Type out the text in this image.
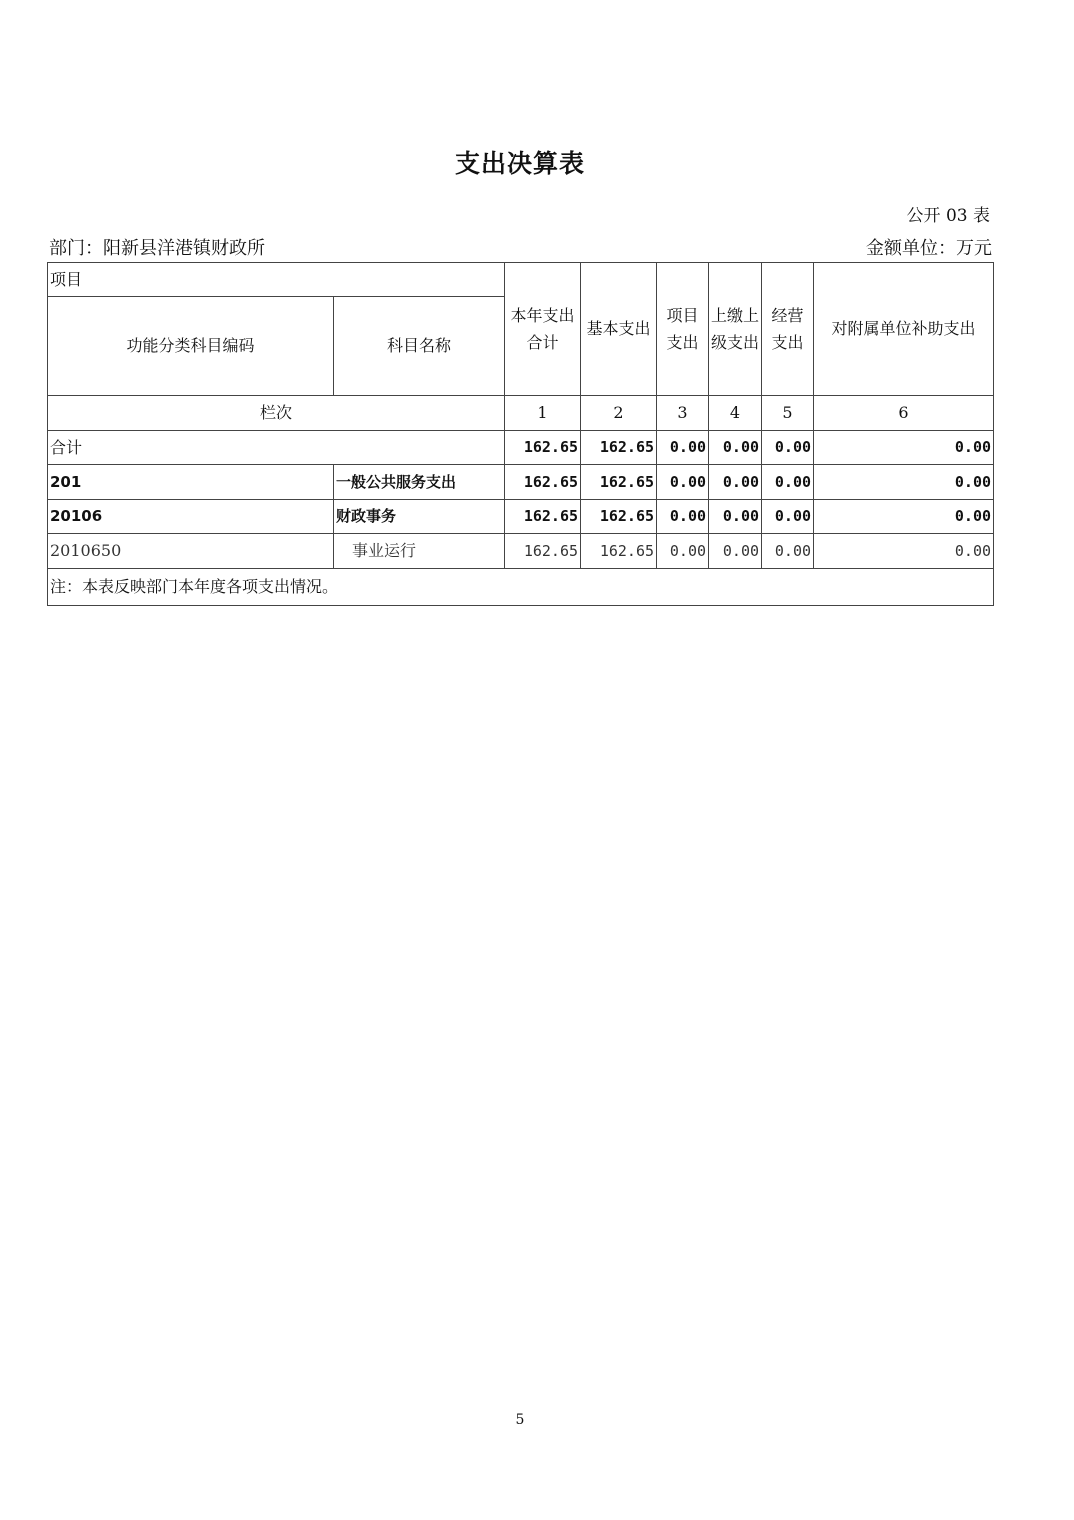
支出决算表
公开 03 表
部门：阳新县洋港镇财政所	金额单位：万元
项目		本年支出合计	基本支出	项目支出	上缴上级支出	经营支出	对附属单位补助支出
功能分类科目编码	科目名称						
栏次		1	2	3	4	5	6
合计		162.65	162.65	0.00	0.00	0.00	0.00
201	一般公共服务支出	162.65	162.65	0.00	0.00	0.00	0.00
20106	财政事务	162.65	162.65	0.00	0.00	0.00	0.00
2010650	事业运行	162.65	162.65	0.00	0.00	0.00	0.00
注：本表反映部门本年度各项支出情况。							
5
